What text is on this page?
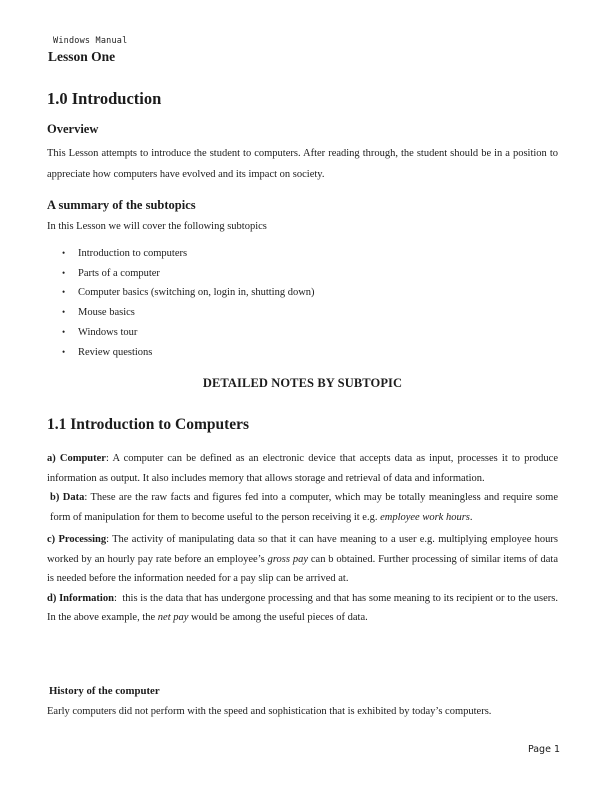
Windows Manual
Lesson One
1.0 Introduction
Overview

This Lesson attempts to introduce the student to computers. After reading through, the student should be in a position to appreciate how computers have evolved and its impact on society.

A summary of the subtopics

In this Lesson we will cover the following subtopics

• Introduction to computers
• Parts of a computer
• Computer basics (switching on, login in, shutting down)
• Mouse basics
• Windows tour
• Review questions
DETAILED NOTES BY SUBTOPIC
1.1 Introduction to Computers

a) Computer: A computer can be defined as an electronic device that accepts data as input, processes it to produce information as output. It also includes memory that allows storage and retrieval of data and information.

b) Data: These are the raw facts and figures fed into a computer, which may be totally meaningless and require some form of manipulation for them to become useful to the person receiving it e.g. employee work hours.

c) Processing: The activity of manipulating data so that it can have meaning to a user e.g. multiplying employee hours worked by an hourly pay rate before an employee’s gross pay can b obtained. Further processing of similar items of data is needed before the information needed for a pay slip can be arrived at.

d) Information:  this is the data that has undergone processing and that has some meaning to its recipient or to the users. In the above example, the net pay would be among the useful pieces of data.

History of the computer

Early computers did not perform with the speed and sophistication that is exhibited by today’s computers.

Page 1
